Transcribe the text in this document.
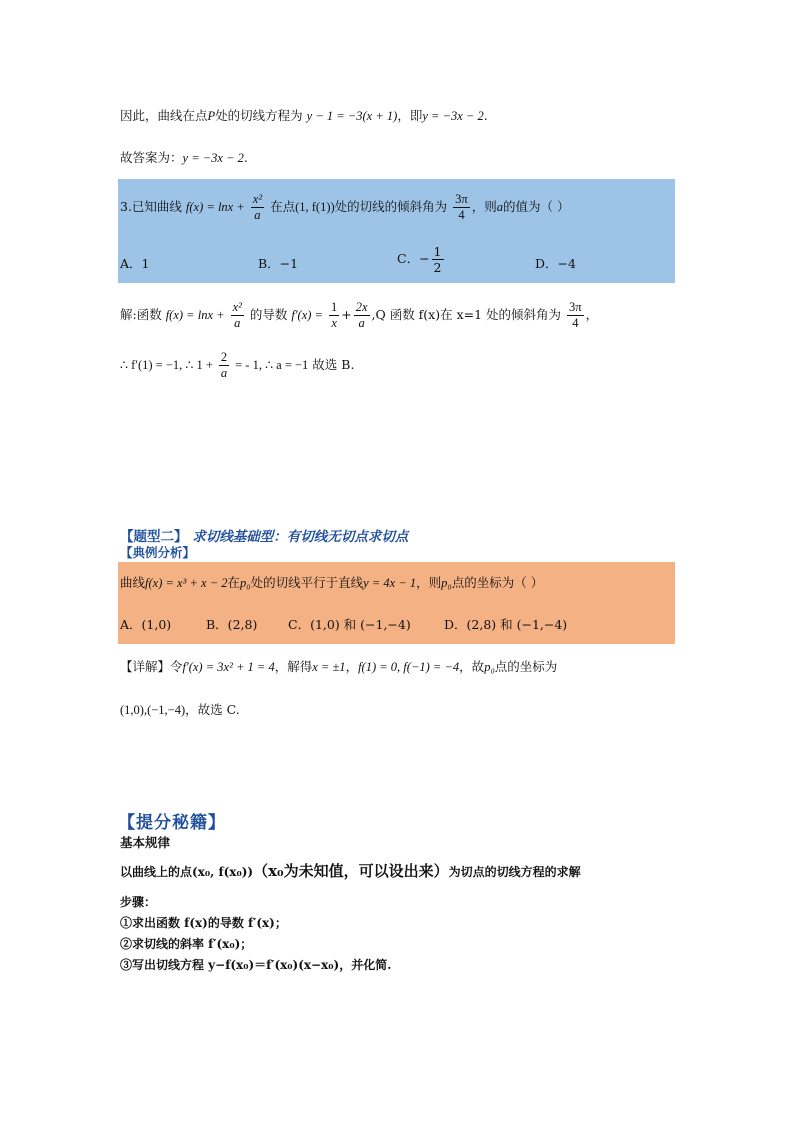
因此，曲线在点P处的切线方程为 y − 1 = −3(x + 1)，即y = −3x − 2.
故答案为：y = −3x − 2.
3.已知曲线 $f(x) = \ln x + \frac{\text{x²}}{a}$ 在点(1, f(1))处的切线的倾斜角为 $\frac{3\pi}{4}$ ，则a的值为（ ）
A．1	B．−1	C．− $\frac{1}{2}$	D．−4
解:函数 $f(x) = \ln x + \frac{\text{x²}}{a}$ 的导数 $f'(x) = \frac{1}{x} + \frac{2x}{a} ,Q$ 函数 f(x)在 x=1 处的倾斜角为 $\frac{3\pi}{4}$ ，
∴ f′(1) = −1, ∴ $1 + \frac{2}{a}$ = - 1, ∴ a = −1 故选 B.
【题型二】 求切线基础型：有切线无切点求切点
【典例分析】
曲线f(x) = x³ + x − 2在p₀处的切线平行于直线y = 4x − 1，则p₀点的坐标为（ ）
A．(1,0)	B．(2,8) C．(1,0) 和 (−1,−4)	D．(2,8) 和 (−1,−4)
【详解】令f′(x) = 3x² + 1 = 4，解得x = ±1，f(1) = 0, f(−1) = −4，故p₀点的坐标为
(1,0),(−1,−4)，故选 C.
【提分秘籍】
基本规律
以曲线上的点(x₀, f(x₀))（x₀为未知值，可以设出来）为切点的切线方程的求解
步骤：
①求出函数 f(x)的导数 f′(x)；
②求切线的斜率 f′(x₀)；
③写出切线方程 y−f(x₀)＝f′(x₀)(x−x₀)，并化简.
